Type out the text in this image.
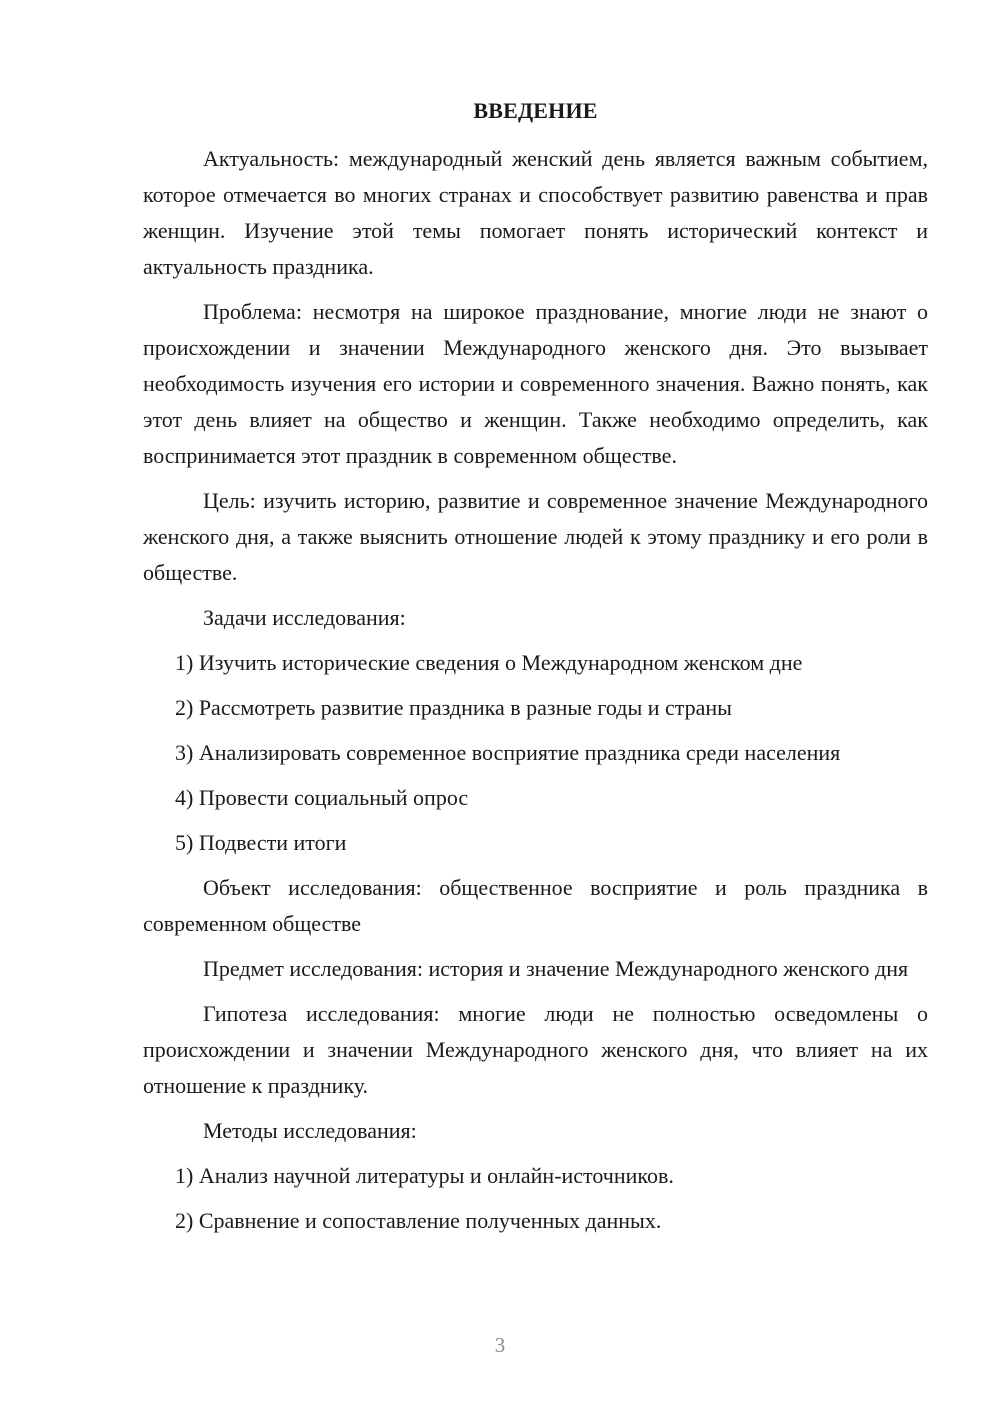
ВВЕДЕНИЕ

Актуальность: международный женский день является важным событием, которое отмечается во многих странах и способствует развитию равенства и прав женщин. Изучение этой темы помогает понять исторический контекст и актуальность праздника.

Проблема: несмотря на широкое празднование, многие люди не знают о происхождении и значении Международного женского дня. Это вызывает необходимость изучения его истории и современного значения. Важно понять, как этот день влияет на общество и женщин. Также необходимо определить, как воспринимается этот праздник в современном обществе.

Цель: изучить историю, развитие и современное значение Международного женского дня, а также выяснить отношение людей к этому празднику и его роли в обществе.

Задачи исследования:

1) Изучить исторические сведения о Международном женском дне
2) Рассмотреть развитие праздника в разные годы и страны
3) Анализировать современное восприятие праздника среди населения
4) Провести социальный опрос
5) Подвести итоги

Объект исследования: общественное восприятие и роль праздника в современном обществе

Предмет исследования: история и значение Международного женского дня

Гипотеза исследования: многие люди не полностью осведомлены о происхождении и значении Международного женского дня, что влияет на их отношение к празднику.

Методы исследования:

1) Анализ научной литературы и онлайн-источников.
2) Сравнение и сопоставление полученных данных.
3
